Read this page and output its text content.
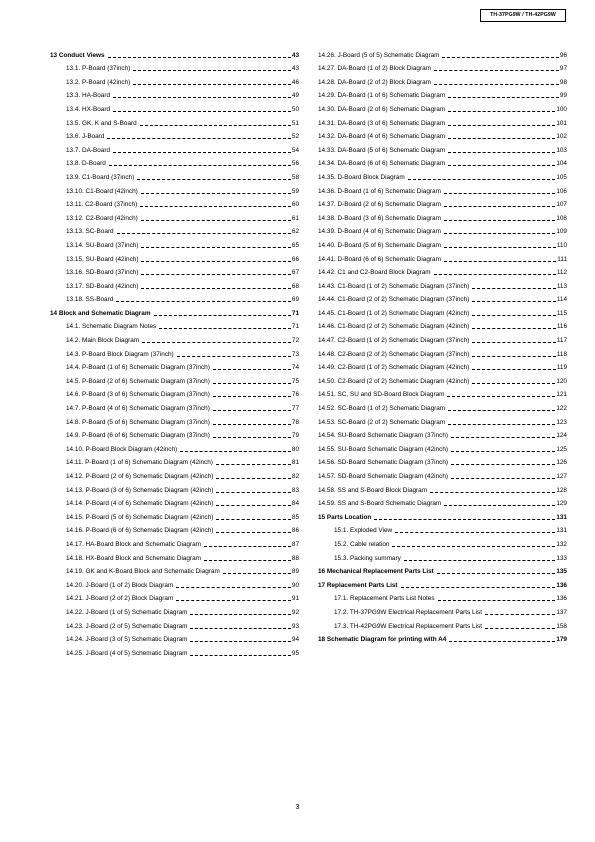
TH-37PG9W / TH-42PG9W
13 Conduct Views	43
13.1. P-Board (37inch)	43
13.2. P-Board (42inch)	46
13.3. HA-Board	49
13.4. HX-Board	50
13.5. GK, K and S-Board	51
13.6. J-Board	52
13.7. DA-Board	54
13.8. D-Board	56
13.9. C1-Board (37inch)	58
13.10. C1-Board (42inch)	59
13.11. C2-Board (37inch)	60
13.12. C2-Board (42inch)	61
13.13. SC-Board	62
13.14. SU-Board (37inch)	65
13.15. SU-Board (42inch)	66
13.16. SD-Board (37inch)	67
13.17. SD-Board (42inch)	68
13.18. SS-Board	69
14 Block and Schematic Diagram	71
14.1. Schematic Diagram Notes	71
14.2. Main Block Diagram	72
14.3. P-Board Block Diagram (37inch)	73
14.4. P-Board (1 of 6) Schematic Diagram (37inch)	74
14.5. P-Board (2 of 6) Schematic Diagram (37inch)	75
14.6. P-Board (3 of 6) Schematic Diagram (37inch)	76
14.7. P-Board (4 of 6) Schematic Diagram (37inch)	77
14.8. P-Board (5 of 6) Schematic Diagram (37inch)	78
14.9. P-Board (6 of 6) Schematic Diagram (37inch)	79
14.10. P-Board Block Diagram (42inch)	80
14.11. P-Board (1 of 6) Schematic Diagram (42inch)	81
14.12. P-Board (2 of 6) Schematic Diagram (42inch)	82
14.13. P-Board (3 of 6) Schematic Diagram (42inch)	83
14.14. P-Board (4 of 6) Schematic Diagram (42inch)	84
14.15. P-Board (5 of 6) Schematic Diagram (42inch)	85
14.16. P-Board (6 of 6) Schematic Diagram (42inch)	86
14.17. HA-Board Block and Schematic Diagram	87
14.18. HX-Board Block and Schematic Diagram	88
14.19. GK and K-Board Block and Schematic Diagram	89
14.20. J-Board (1 of 2) Block Diagram	90
14.21. J-Board (2 of 2) Block Diagram	91
14.22. J-Board (1 of 5) Schematic Diagram	92
14.23. J-Board (2 of 5) Schematic Diagram	93
14.24. J-Board (3 of 5) Schematic Diagram	94
14.25. J-Board (4 of 5) Schematic Diagram	95
14.26. J-Board (5 of 5) Schematic Diagram	96
14.27. DA-Board (1 of 2) Block Diagram	97
14.28. DA-Board (2 of 2) Block Diagram	98
14.29. DA-Board (1 of 6) Schematic Diagram	99
14.30. DA-Board (2 of 6) Schematic Diagram	100
14.31. DA-Board (3 of 6) Schematic Diagram	101
14.32. DA-Board (4 of 6) Schematic Diagram	102
14.33. DA-Board (5 of 6) Schematic Diagram	103
14.34. DA-Board (6 of 6) Schematic Diagram	104
14.35. D-Board Block Diagram	105
14.36. D-Board (1 of 6) Schematic Diagram	106
14.37. D-Board (2 of 6) Schematic Diagram	107
14.38. D-Board (3 of 6) Schematic Diagram	108
14.39. D-Board (4 of 6) Schematic Diagram	109
14.40. D-Board (5 of 6) Schematic Diagram	110
14.41. D-Board (6 of 6) Schematic Diagram	111
14.42. C1 and C2-Board Block Diagram	112
14.43. C1-Board (1 of 2) Schematic Diagram (37inch)	113
14.44. C1-Board (2 of 2) Schematic Diagram (37inch)	114
14.45. C1-Board (1 of 2) Schematic Diagram (42inch)	115
14.46. C1-Board (2 of 2) Schematic Diagram (42inch)	116
14.47. C2-Board (1 of 2) Schematic Diagram (37inch)	117
14.48. C2-Board (2 of 2) Schematic Diagram (37inch)	118
14.49. C2-Board (1 of 2) Schematic Diagram (42inch)	119
14.50. C2-Board (2 of 2) Schematic Diagram (42inch)	120
14.51. SC, SU and SD-Board Block Diagram	121
14.52. SC-Board (1 of 2) Schematic Diagram	122
14.53. SC-Board (2 of 2) Schematic Diagram	123
14.54. SU-Board Schematic Diagram (37inch)	124
14.55. SU-Board Schematic Diagram (42inch)	125
14.56. SD-Board Schematic Diagram (37inch)	126
14.57. SD-Board Schematic Diagram (42inch)	127
14.58. SS and S-Board Block Diagram	128
14.59. SS and S-Board Schematic Diagram	129
15 Parts Location	131
15.1. Exploded View	131
15.2. Cable relation	132
15.3. Packing summary	133
16 Mechanical Replacement Parts List	135
17 Replacement Parts List	136
17.1. Replacement Parts List Notes	136
17.2. TH-37PG9W Electrical Replacement Parts List	137
17.3. TH-42PG9W Electrical Replacement Parts List	158
18 Schematic Diagram for printing with A4	179
3
